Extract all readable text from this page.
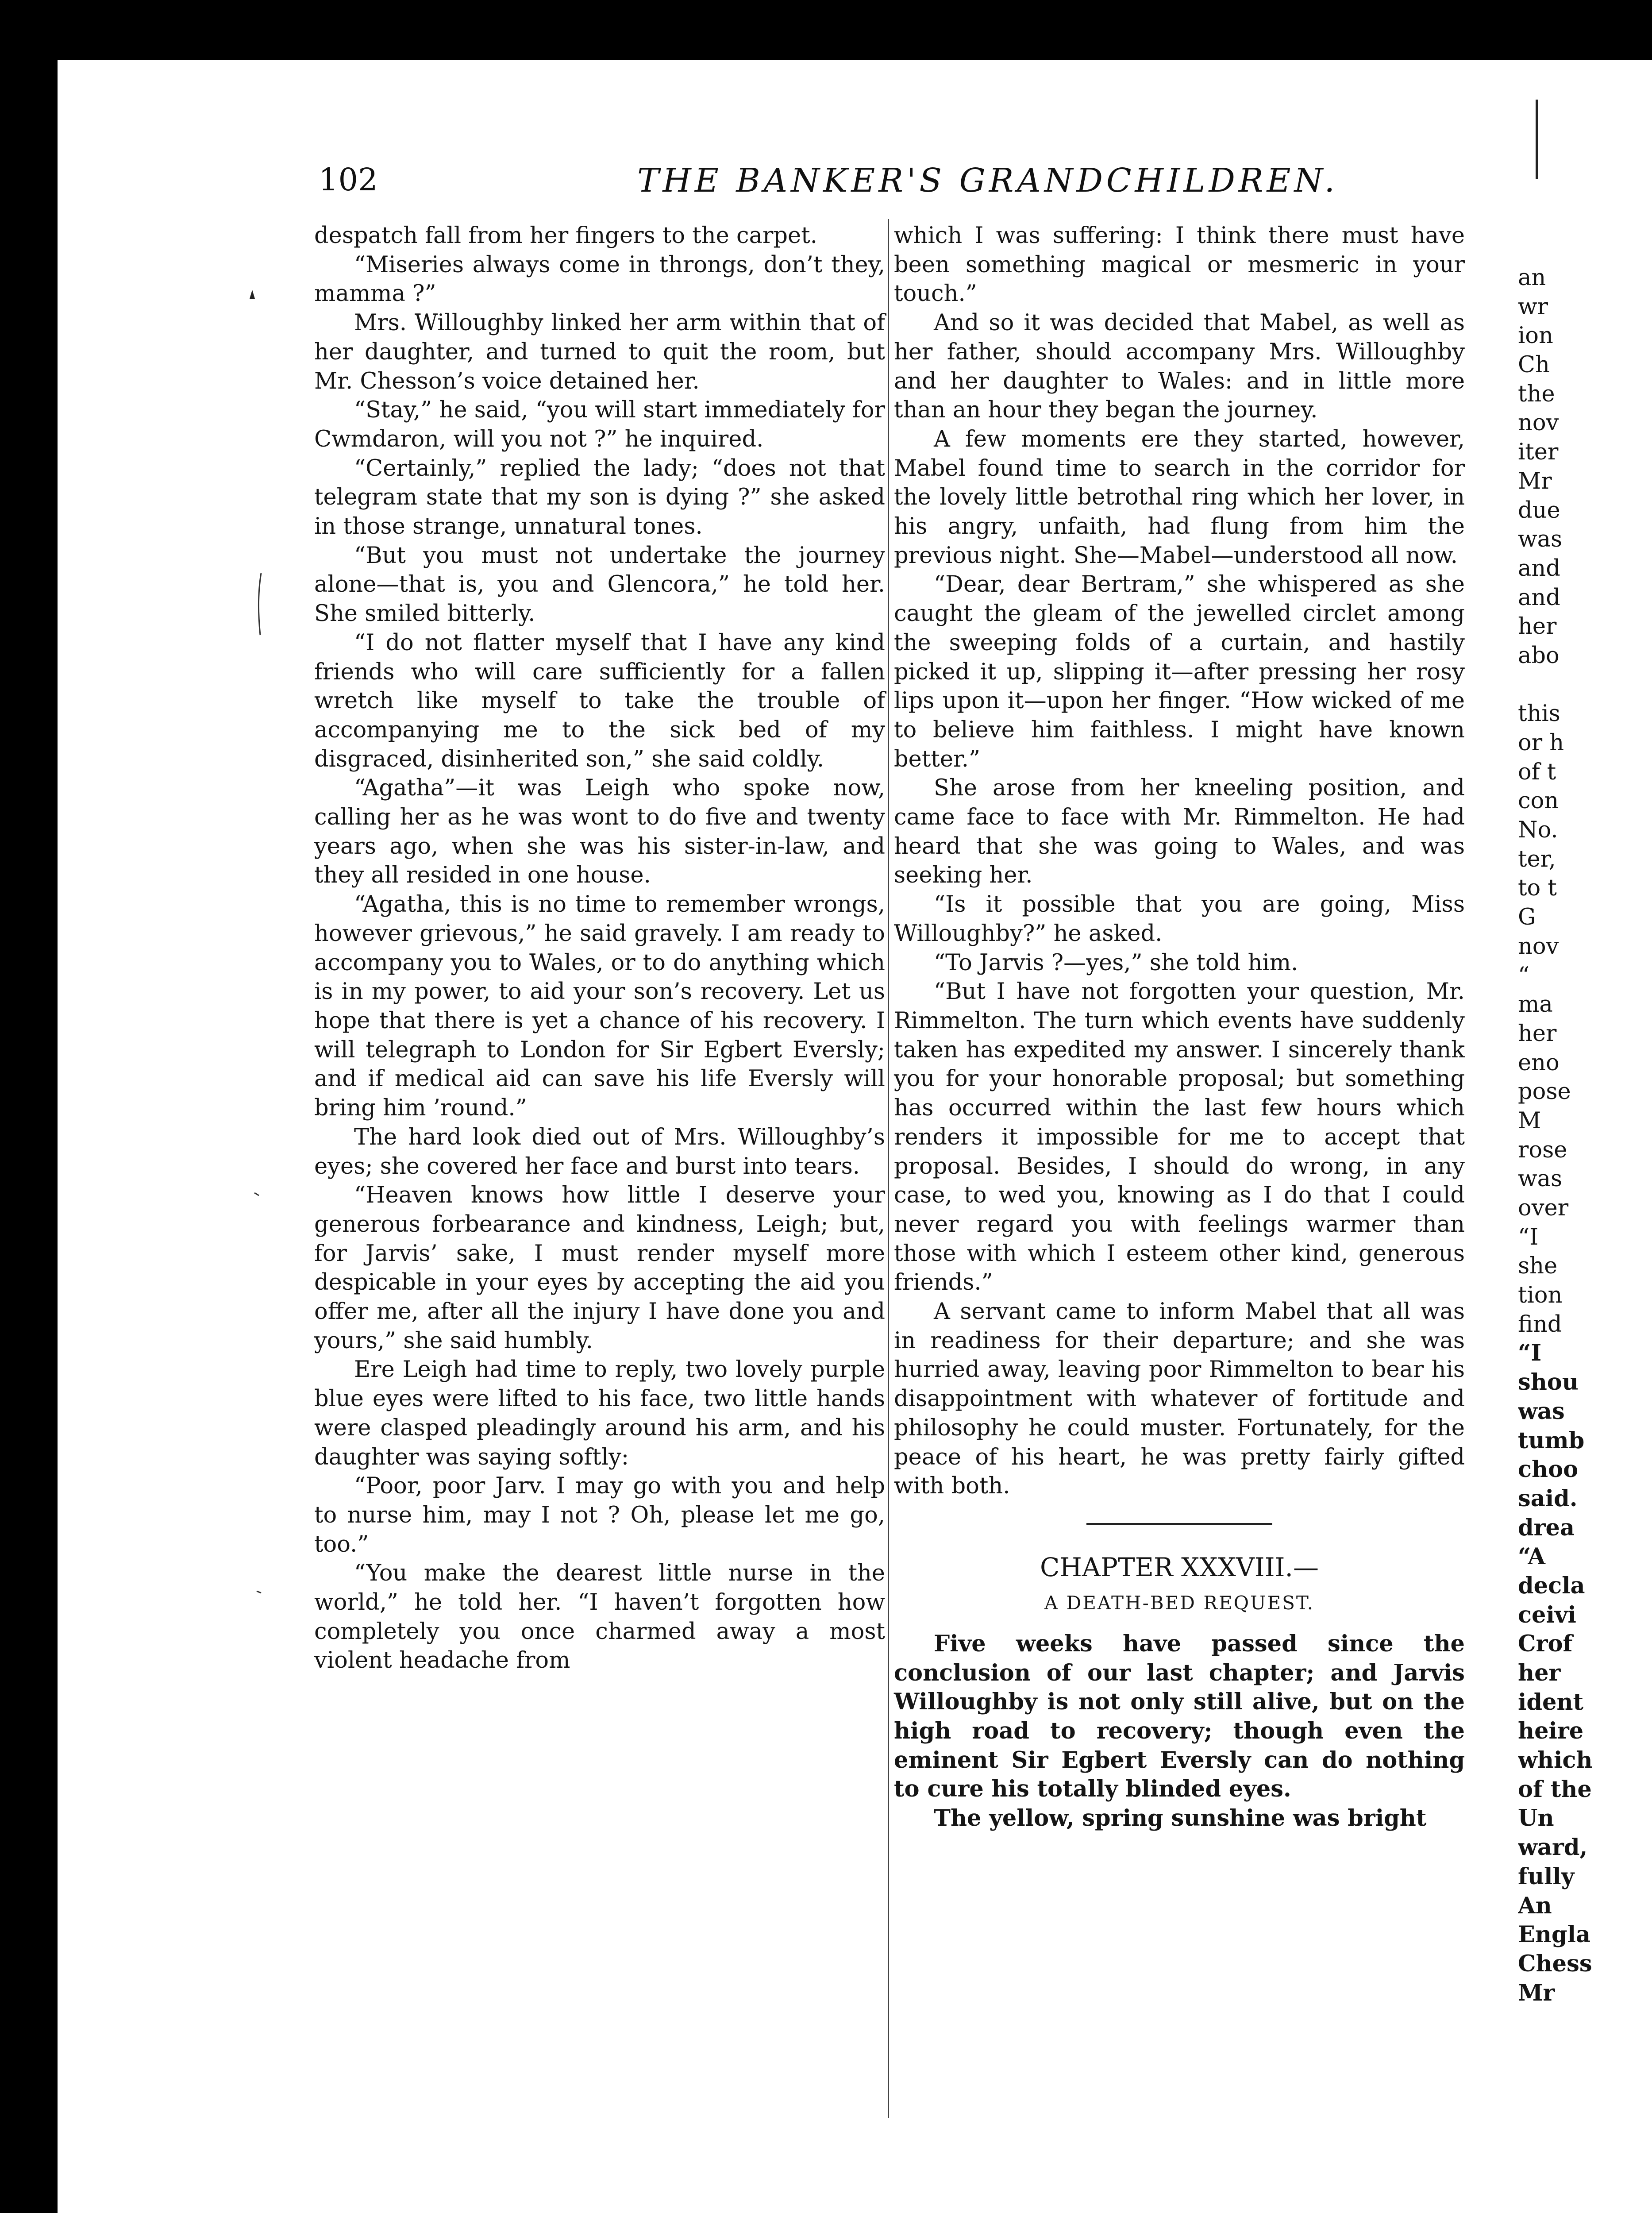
102	THE BANKER'S GRANDCHILDREN.

despatch fall from her fingers to the carpet.

“Miseries always come in throngs, don’t they, mamma ?”

Mrs. Willoughby linked her arm within that of her daughter, and turned to quit the room, but Mr. Chesson’s voice detained her.

“Stay,” he said, “you will start immediately for Cwmdaron, will you not ?” he inquired.

“Certainly,” replied the lady; “does not that telegram state that my son is dying ?” she asked in those strange, unnatural tones.

“But you must not undertake the journey alone—that is, you and Glencora,” he told her. She smiled bitterly.

“I do not flatter myself that I have any kind friends who will care sufficiently for a fallen wretch like myself to take the trouble of accompanying me to the sick bed of my disgraced, disinherited son,” she said coldly.

“Agatha”—it was Leigh who spoke now, calling her as he was wont to do five and twenty years ago, when she was his sister-in-law, and they all resided in one house.

“Agatha, this is no time to remember wrongs, however grievous,” he said gravely. I am ready to accompany you to Wales, or to do anything which is in my power, to aid your son’s recovery. Let us hope that there is yet a chance of his recovery. I will telegraph to London for Sir Egbert Eversly; and if medical aid can save his life Eversly will bring him ’round.”

The hard look died out of Mrs. Willoughby’s eyes; she covered her face and burst into tears.

“Heaven knows how little I deserve your generous forbearance and kindness, Leigh; but, for Jarvis’ sake, I must render myself more despicable in your eyes by accepting the aid you offer me, after all the injury I have done you and yours,” she said humbly.

Ere Leigh had time to reply, two lovely purple blue eyes were lifted to his face, two little hands were clasped pleadingly around his arm, and his daughter was saying softly:

“Poor, poor Jarv. I may go with you and help to nurse him, may I not ? Oh, please let me go, too.”

“You make the dearest little nurse in the world,” he told her. “I haven’t forgotten how completely you once charmed away a most violent headache from

which I was suffering: I think there must have been something magical or mesmeric in your touch.”

And so it was decided that Mabel, as well as her father, should accompany Mrs. Willoughby and her daughter to Wales: and in little more than an hour they began the journey.

A few moments ere they started, however, Mabel found time to search in the corridor for the lovely little betrothal ring which her lover, in his angry, unfaith, had flung from him the previous night. She—Mabel—understood all now.

“Dear, dear Bertram,” she whispered as she caught the gleam of the jewelled circlet among the sweeping folds of a curtain, and hastily picked it up, slipping it—after pressing her rosy lips upon it—upon her finger. “How wicked of me to believe him faithless. I might have known better.”

She arose from her kneeling position, and came face to face with Mr. Rimmelton. He had heard that she was going to Wales, and was seeking her.

“Is it possible that you are going, Miss Willoughby?” he asked.

“To Jarvis ?—yes,” she told him.

“But I have not forgotten your question, Mr. Rimmelton. The turn which events have suddenly taken has expedited my answer. I sincerely thank you for your honorable proposal; but something has occurred within the last few hours which renders it impossible for me to accept that proposal. Besides, I should do wrong, in any case, to wed you, knowing as I do that I could never regard you with feelings warmer than those with which I esteem other kind, generous friends.”

A servant came to inform Mabel that all was in readiness for their departure; and she was hurried away, leaving poor Rimmelton to bear his disappointment with whatever of fortitude and philosophy he could muster. Fortunately, for the peace of his heart, he was pretty fairly gifted with both.

CHAPTER XXXVIII.—
A DEATH-BED REQUEST.

Five weeks have passed since the conclusion of our last chapter; and Jarvis Willoughby is not only still alive, but on the high road to recovery; though even the eminent Sir Egbert Eversly can do nothing to cure his totally blinded eyes.

The yellow, spring sunshine was bright

an
wr
ion
Ch
the
nov
iter
Mr
due
was
and
and
her
abo
this
or h
of t
con
No.
ter,
to t
G
nov
“
ma
her
eno
pose
M
rose
was
over
“I
she
tion
find
“I
shou
was
tumb
choo
said.
drea
“A
decla
ceivi
Crof
her
ident
heire
which
of the
Un
ward,
fully
An
Engla
Chess
Mr
